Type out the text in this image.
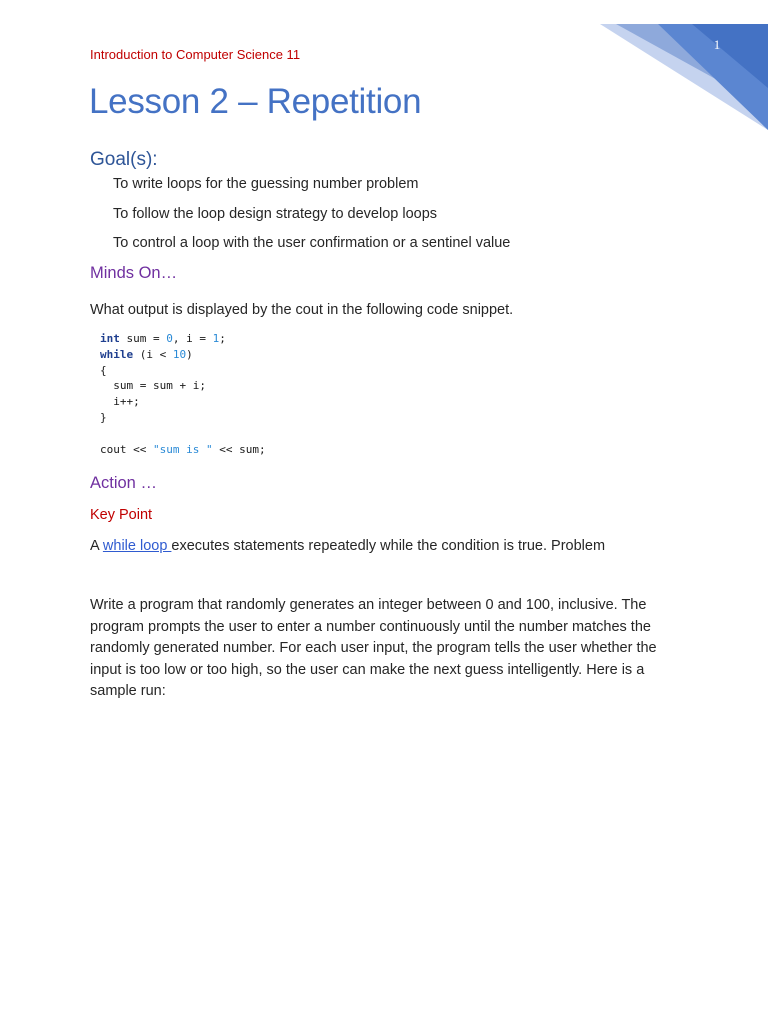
1
Introduction to Computer Science 11
Lesson 2 – Repetition
Goal(s):
To write loops for the guessing number problem
To follow the loop design strategy to develop loops
To control a loop with the user confirmation or a sentinel value
Minds On…

What output is displayed by the cout in the following code snippet.

int sum = 0, i = 1;
while (i < 10)
{
sum = sum + i;
i++;
}

cout << "sum is " << sum;
Action …

Key Point

A while loop executes statements repeatedly while the condition is true. Problem

Write a program that randomly generates an integer between 0 and 100, inclusive. The program prompts the user to enter a number continuously until the number matches the randomly generated number. For each user input, the program tells the user whether the input is too low or too high, so the user can make the next guess intelligently. Here is a sample run:
